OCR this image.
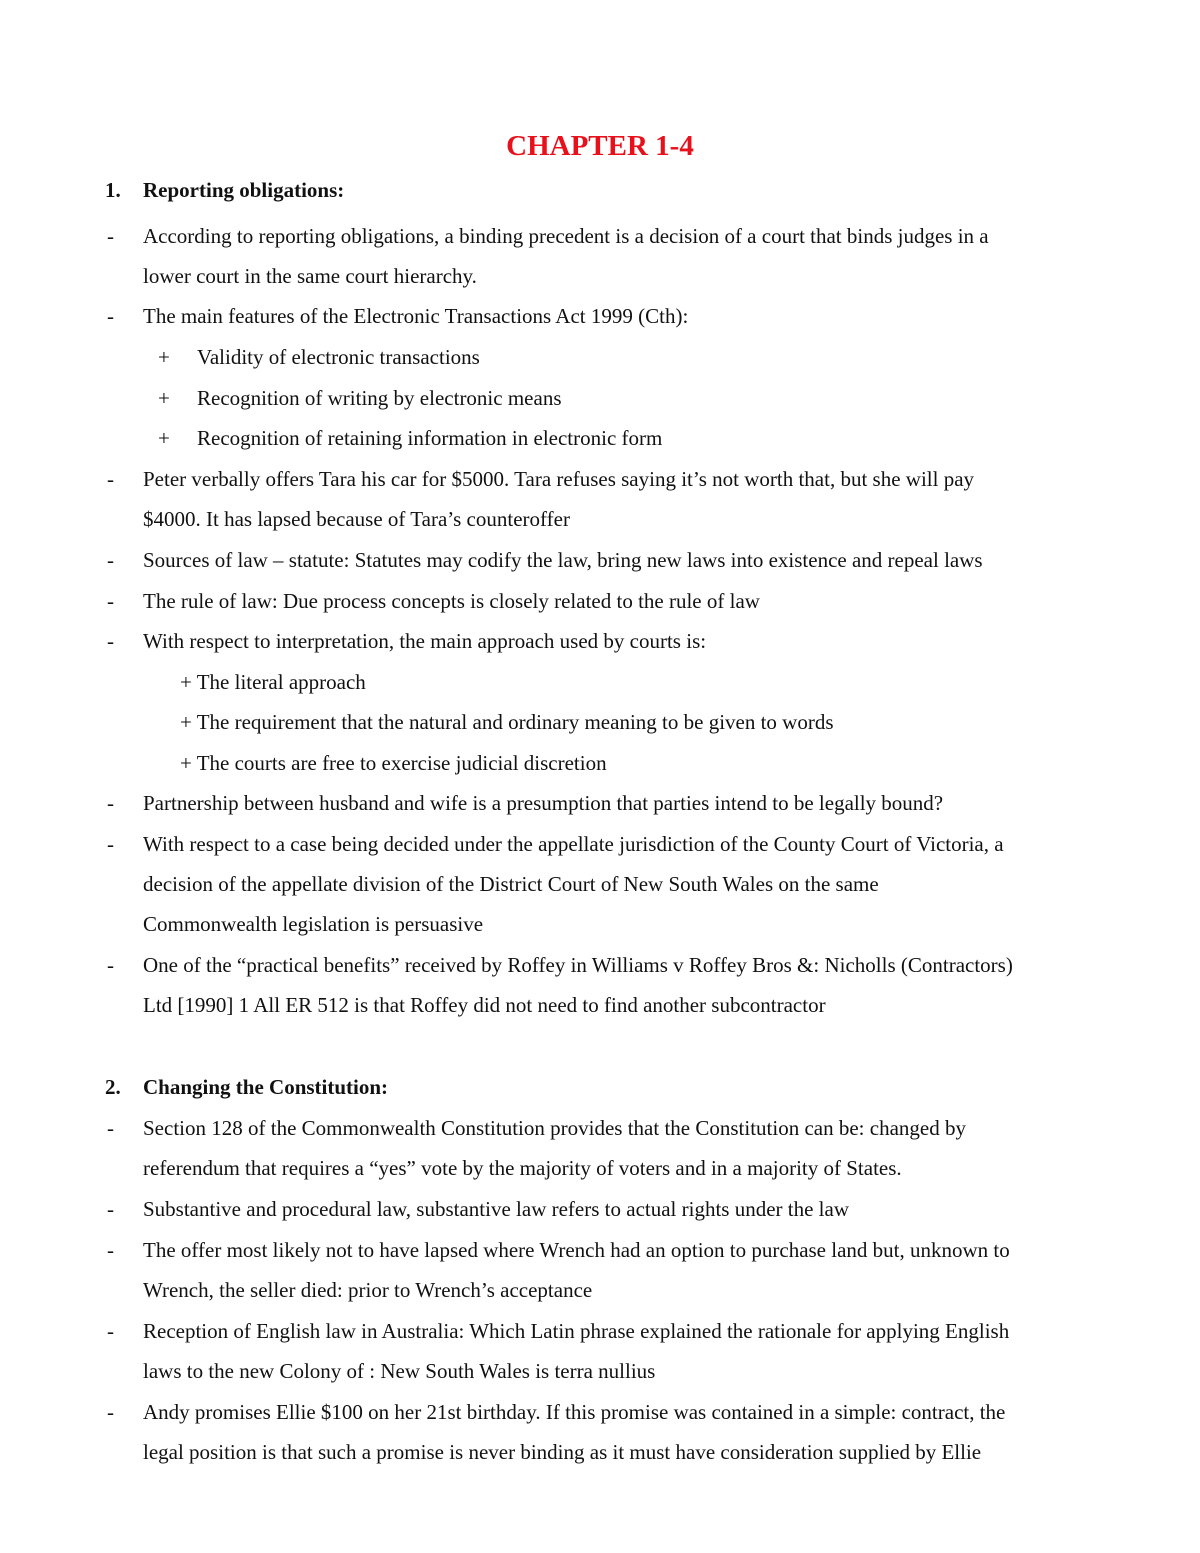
CHAPTER 1-4
1. Reporting obligations:
- According to reporting obligations, a binding precedent is a decision of a court that binds judges in a
lower court in the same court hierarchy.
- The main features of the Electronic Transactions Act 1999 (Cth):
+ Validity of electronic transactions
+ Recognition of writing by electronic means
+ Recognition of retaining information in electronic form
- Peter verbally offers Tara his car for $5000. Tara refuses saying it’s not worth that, but she will pay
$4000. It has lapsed because of Tara’s counteroffer
- Sources of law – statute: Statutes may codify the law, bring new laws into existence and repeal laws
- The rule of law: Due process concepts is closely related to the rule of law
- With respect to interpretation, the main approach used by courts is:
+ The literal approach
+ The requirement that the natural and ordinary meaning to be given to words
+ The courts are free to exercise judicial discretion
- Partnership between husband and wife is a presumption that parties intend to be legally bound?
- With respect to a case being decided under the appellate jurisdiction of the County Court of Victoria, a
decision of the appellate division of the District Court of New South Wales on the same
Commonwealth legislation is persuasive
- One of the “practical benefits” received by Roffey in Williams v Roffey Bros &: Nicholls (Contractors)
Ltd [1990] 1 All ER 512 is that Roffey did not need to find another subcontractor
2. Changing the Constitution:
- Section 128 of the Commonwealth Constitution provides that the Constitution can be: changed by
referendum that requires a “yes” vote by the majority of voters and in a majority of States.
- Substantive and procedural law, substantive law refers to actual rights under the law
- The offer most likely not to have lapsed where Wrench had an option to purchase land but, unknown to
Wrench, the seller died: prior to Wrench’s acceptance
- Reception of English law in Australia: Which Latin phrase explained the rationale for applying English
laws to the new Colony of : New South Wales is terra nullius
- Andy promises Ellie $100 on her 21st birthday. If this promise was contained in a simple: contract, the
legal position is that such a promise is never binding as it must have consideration supplied by Ellie
